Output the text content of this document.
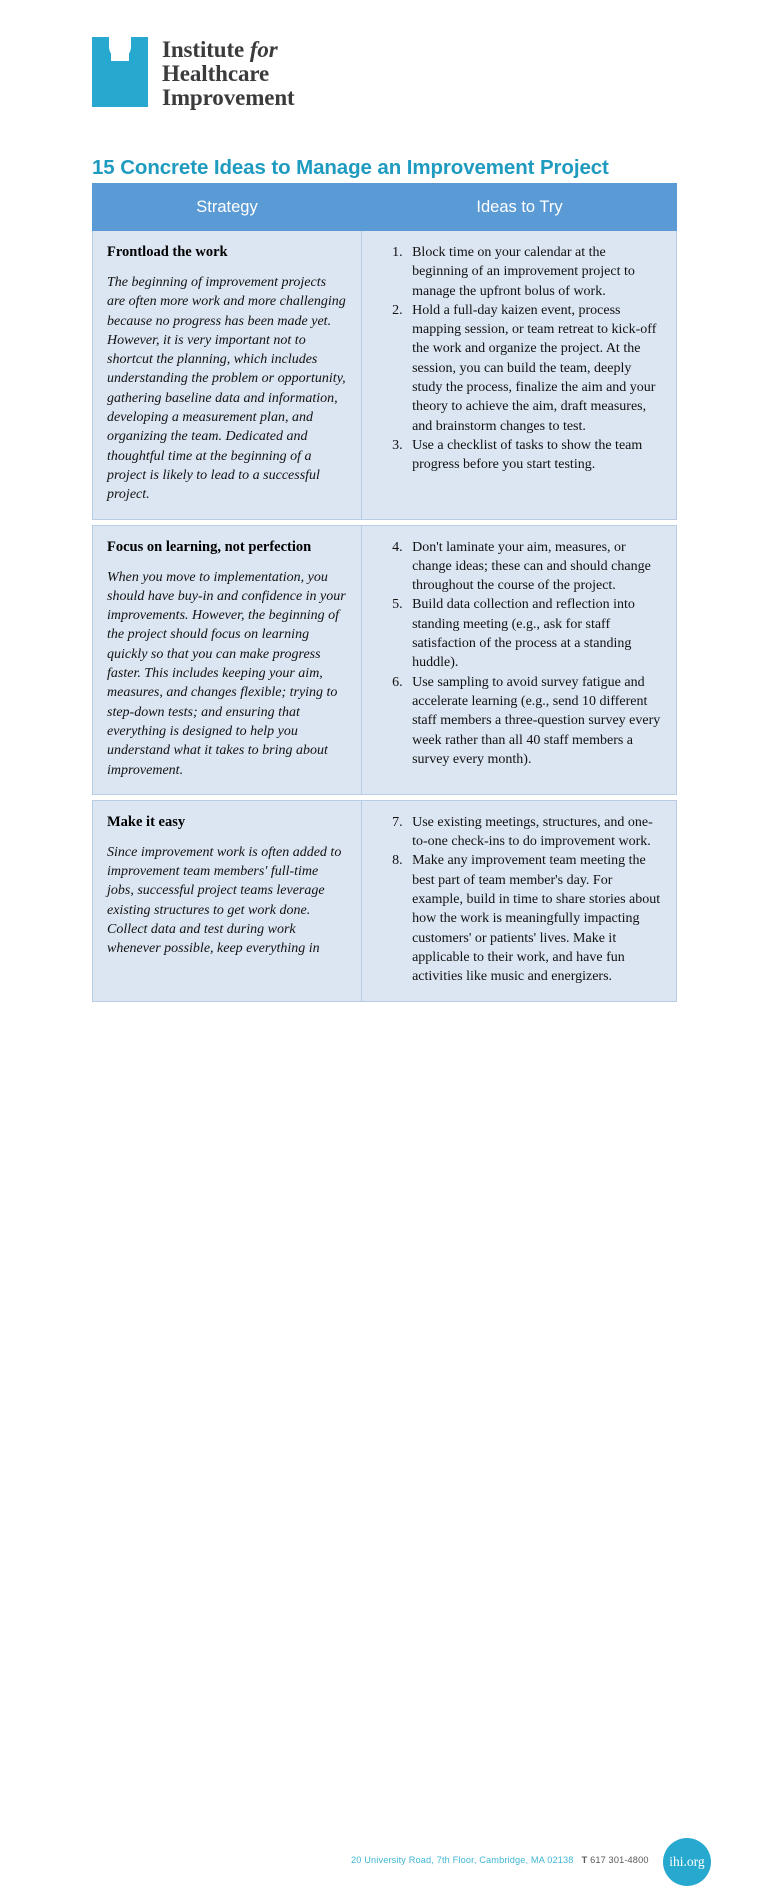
Institute for
Healthcare
Improvement
15 Concrete Ideas to Manage an Improvement Project
Strategy	Ideas to Try

Frontload the work

The beginning of improvement projects are often more work and more challenging because no progress has been made yet. However, it is very important not to shortcut the planning, which includes understanding the problem or opportunity, gathering baseline data and information, developing a measurement plan, and organizing the team. Dedicated and thoughtful time at the beginning of a project is likely to lead to a successful project.

1. Block time on your calendar at the beginning of an improvement project to manage the upfront bolus of work.
2. Hold a full-day kaizen event, process mapping session, or team retreat to kick-off the work and organize the project. At the session, you can build the team, deeply study the process, finalize the aim and your theory to achieve the aim, draft measures, and brainstorm changes to test.
3. Use a checklist of tasks to show the team progress before you start testing.

Focus on learning, not perfection

When you move to implementation, you should have buy-in and confidence in your improvements. However, the beginning of the project should focus on learning quickly so that you can make progress faster. This includes keeping your aim, measures, and changes flexible; trying to step-down tests; and ensuring that everything is designed to help you understand what it takes to bring about improvement.

4. Don't laminate your aim, measures, or change ideas; these can and should change throughout the course of the project.
5. Build data collection and reflection into standing meeting (e.g., ask for staff satisfaction of the process at a standing huddle).
6. Use sampling to avoid survey fatigue and accelerate learning (e.g., send 10 different staff members a three-question survey every week rather than all 40 staff members a survey every month).

Make it easy

Since improvement work is often added to improvement team members' full-time jobs, successful project teams leverage existing structures to get work done. Collect data and test during work whenever possible, keep everything in

7. Use existing meetings, structures, and one-to-one check-ins to do improvement work.
8. Make any improvement team meeting the best part of team member's day. For example, build in time to share stories about how the work is meaningfully impacting customers' or patients' lives. Make it applicable to their work, and have fun activities like music and energizers.
20 University Road, 7th Floor, Cambridge, MA 02138 T 617 301-4800	ihi.org
